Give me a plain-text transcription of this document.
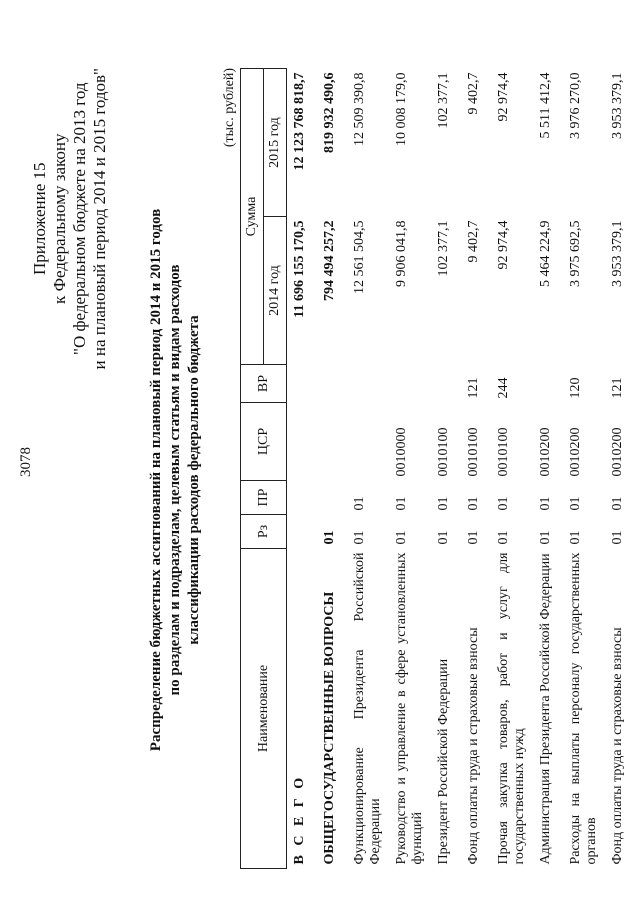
3078
Приложение 15 к Федеральному закону "О федеральном бюджете на 2013 год и на плановый период 2014 и 2015 годов"	Распределение бюджетных ассигнований на плановый период 2014 и 2015 годов по разделам и подразделам, целевым статьям и видам расходов классификации расходов федерального бюджета
(тыс. рублей)
Наименование	Рз	ПР	ЦСР	ВР	Сумма	
					2014 год	2015 год
В С Е Г О					11 696 155 170,5	12 123 768 818,7
ОБЩЕГОСУДАРСТВЕННЫЕ ВОПРОСЫ	01				794 494 257,2	819 932 490,6
Функционирование Президента Российской Федерации	01	01			12 561 504,5	12 509 390,8
Руководство и управление в сфере установленных функций	01	01	0010000		9 906 041,8	10 008 179,0
Президент Российской Федерации	01	01	0010100		102 377,1	102 377,1
Фонд оплаты труда и страховые взносы	01	01	0010100	121	9 402,7	9 402,7
Прочая закупка товаров, работ и услуг для государственных нужд	01	01	0010100	244	92 974,4	92 974,4
Администрация Президента Российской Федерации	01	01	0010200		5 464 224,9	5 511 412,4
Расходы на выплаты персоналу государственных органов	01	01	0010200	120	3 975 692,5	3 976 270,0
Фонд оплаты труда и страховые взносы	01	01	0010200	121	3 953 379,1	3 953 379,1
